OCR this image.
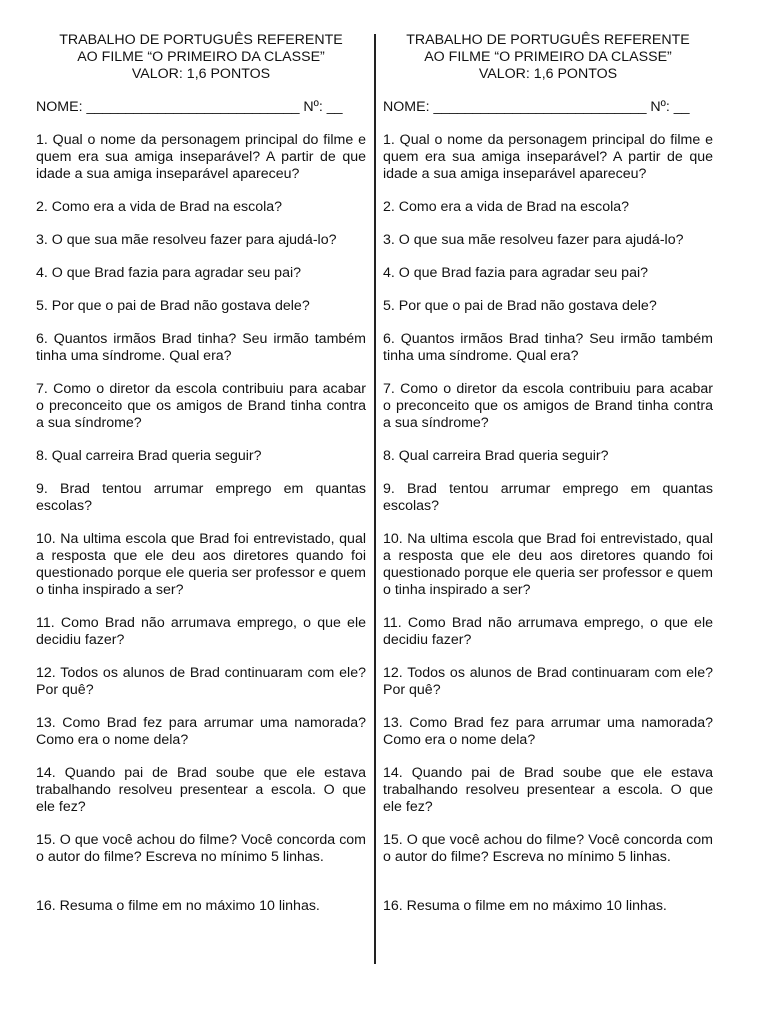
TRABALHO DE PORTUGUÊS REFERENTE
AO FILME “O PRIMEIRO DA CLASSE”
VALOR: 1,6 PONTOS
NOME: ___________________________ Nº: __

1. Qual o nome da personagem principal do filme e quem era sua amiga inseparável? A partir de que idade a sua amiga inseparável apareceu?

2. Como era a vida de Brad na escola?

3. O que sua mãe resolveu fazer para ajudá-lo?

4. O que Brad fazia para agradar seu pai?

5. Por que o pai de Brad não gostava dele?

6. Quantos irmãos Brad tinha? Seu irmão também tinha uma síndrome. Qual era?

7. Como o diretor da escola contribuiu para acabar o preconceito que os amigos de Brand tinha contra a sua síndrome?

8. Qual carreira Brad queria seguir?

9. Brad tentou arrumar emprego em quantas escolas?

10. Na ultima escola que Brad foi entrevistado, qual a resposta que ele deu aos diretores quando foi questionado porque ele queria ser professor e quem o tinha inspirado a ser?

11. Como Brad não arrumava emprego, o que ele decidiu fazer?

12. Todos os alunos de Brad continuaram com ele? Por quê?

13. Como Brad fez para arrumar uma namorada? Como era o nome dela?

14. Quando pai de Brad soube que ele estava trabalhando resolveu presentear a escola. O que ele fez?

15. O que você achou do filme? Você concorda com o autor do filme? Escreva no mínimo 5 linhas.

16. Resuma o filme em no máximo 10 linhas.

TRABALHO DE PORTUGUÊS REFERENTE
AO FILME “O PRIMEIRO DA CLASSE”
VALOR: 1,6 PONTOS
NOME: ___________________________ Nº: __

1. Qual o nome da personagem principal do filme e quem era sua amiga inseparável? A partir de que idade a sua amiga inseparável apareceu?

2. Como era a vida de Brad na escola?

3. O que sua mãe resolveu fazer para ajudá-lo?

4. O que Brad fazia para agradar seu pai?

5. Por que o pai de Brad não gostava dele?

6. Quantos irmãos Brad tinha? Seu irmão também tinha uma síndrome. Qual era?

7. Como o diretor da escola contribuiu para acabar o preconceito que os amigos de Brand tinha contra a sua síndrome?

8. Qual carreira Brad queria seguir?

9. Brad tentou arrumar emprego em quantas escolas?

10. Na ultima escola que Brad foi entrevistado, qual a resposta que ele deu aos diretores quando foi questionado porque ele queria ser professor e quem o tinha inspirado a ser?

11. Como Brad não arrumava emprego, o que ele decidiu fazer?

12. Todos os alunos de Brad continuaram com ele? Por quê?

13. Como Brad fez para arrumar uma namorada? Como era o nome dela?

14. Quando pai de Brad soube que ele estava trabalhando resolveu presentear a escola. O que ele fez?

15. O que você achou do filme? Você concorda com o autor do filme? Escreva no mínimo 5 linhas.

16. Resuma o filme em no máximo 10 linhas.
